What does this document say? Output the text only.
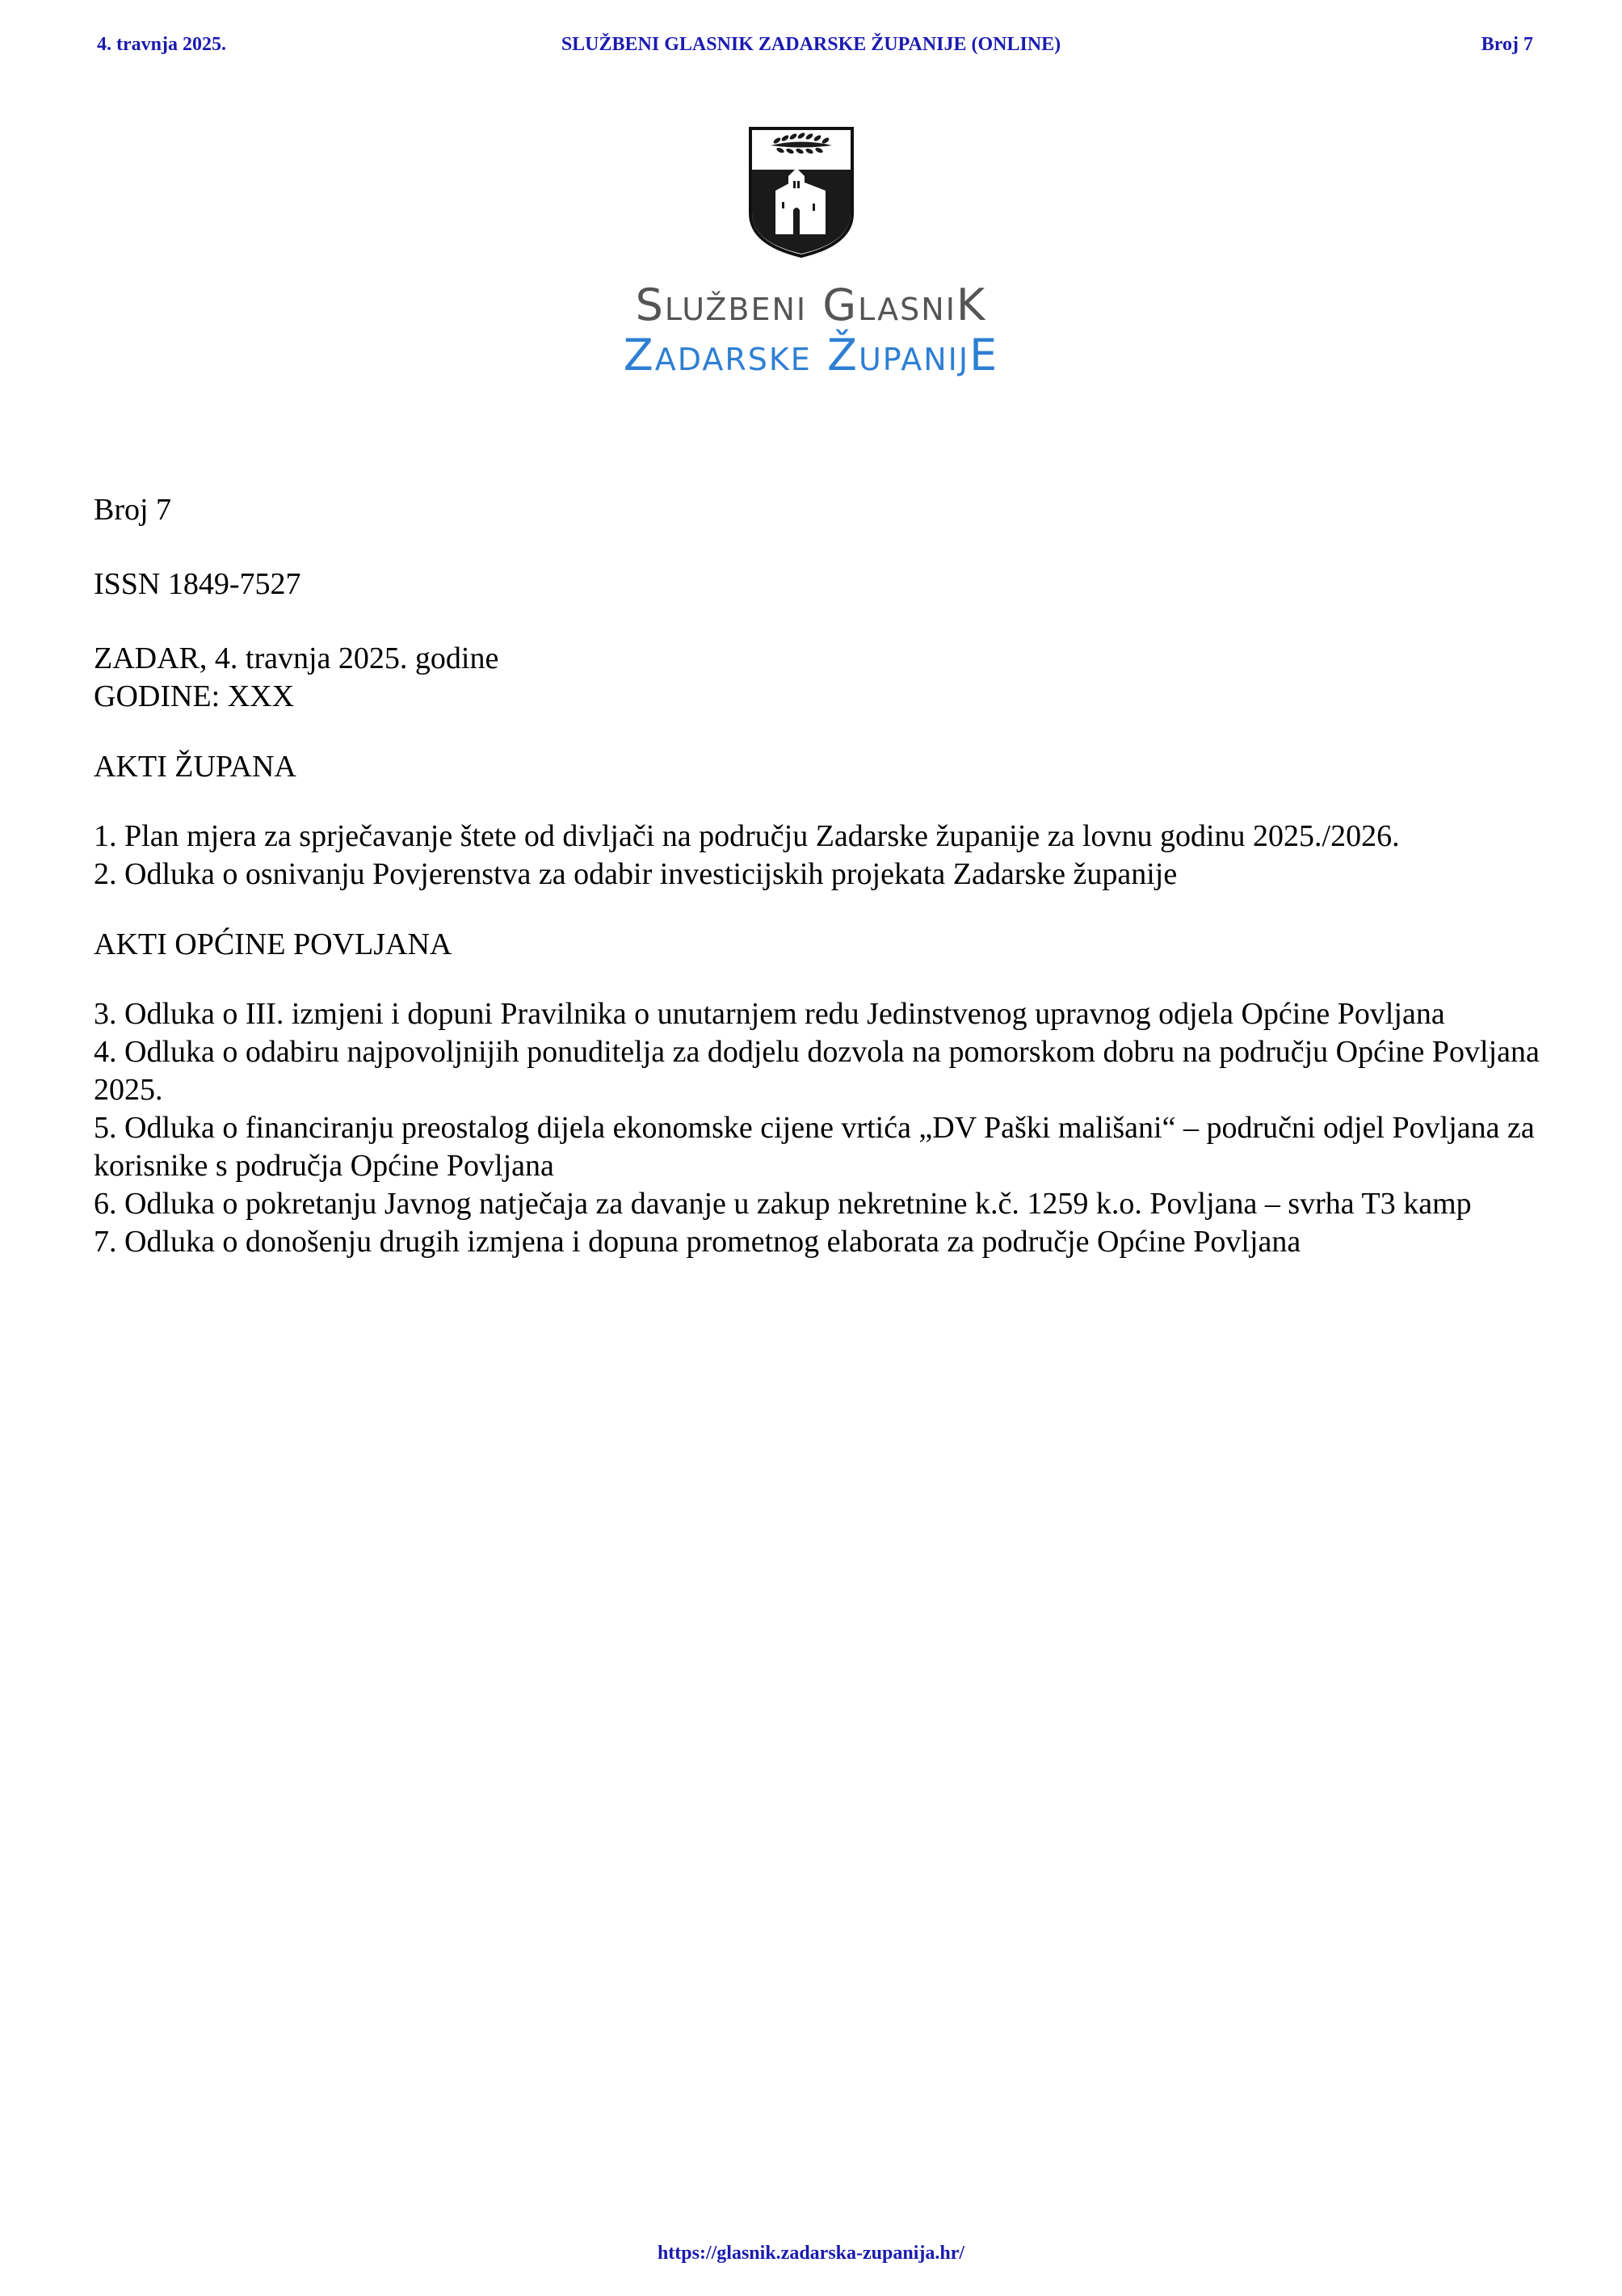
4. travnja 2025.	SLUŽBENI GLASNIK ZADARSKE ŽUPANIJE (ONLINE)	Broj 7
Službeni GlasniK
Zadarske ŽupanijE
Broj 7
ISSN 1849-7527

ZADAR, 4. travnja 2025. godine

GODINE: XXX

AKTI ŽUPANA

1. Plan mjera za sprječavanje štete od divljači na području Zadarske županije za lovnu godinu 2025./2026.

2. Odluka o osnivanju Povjerenstva za odabir investicijskih projekata Zadarske županije

AKTI OPĆINE POVLJANA

3. Odluka o III. izmjeni i dopuni Pravilnika o unutarnjem redu Jedinstvenog upravnog odjela Općine Povljana

4. Odluka o odabiru najpovoljnijih ponuditelja za dodjelu dozvola na pomorskom dobru na području Općine Povljana 2025.

5. Odluka o financiranju preostalog dijela ekonomske cijene vrtića „DV Paški mališani“ – područni odjel Povljana za korisnike s područja Općine Povljana

6. Odluka o pokretanju Javnog natječaja za davanje u zakup nekretnine k.č. 1259 k.o. Povljana – svrha T3 kamp

7. Odluka o donošenju drugih izmjena i dopuna prometnog elaborata za područje Općine Povljana

https://glasnik.zadarska-zupanija.hr/
